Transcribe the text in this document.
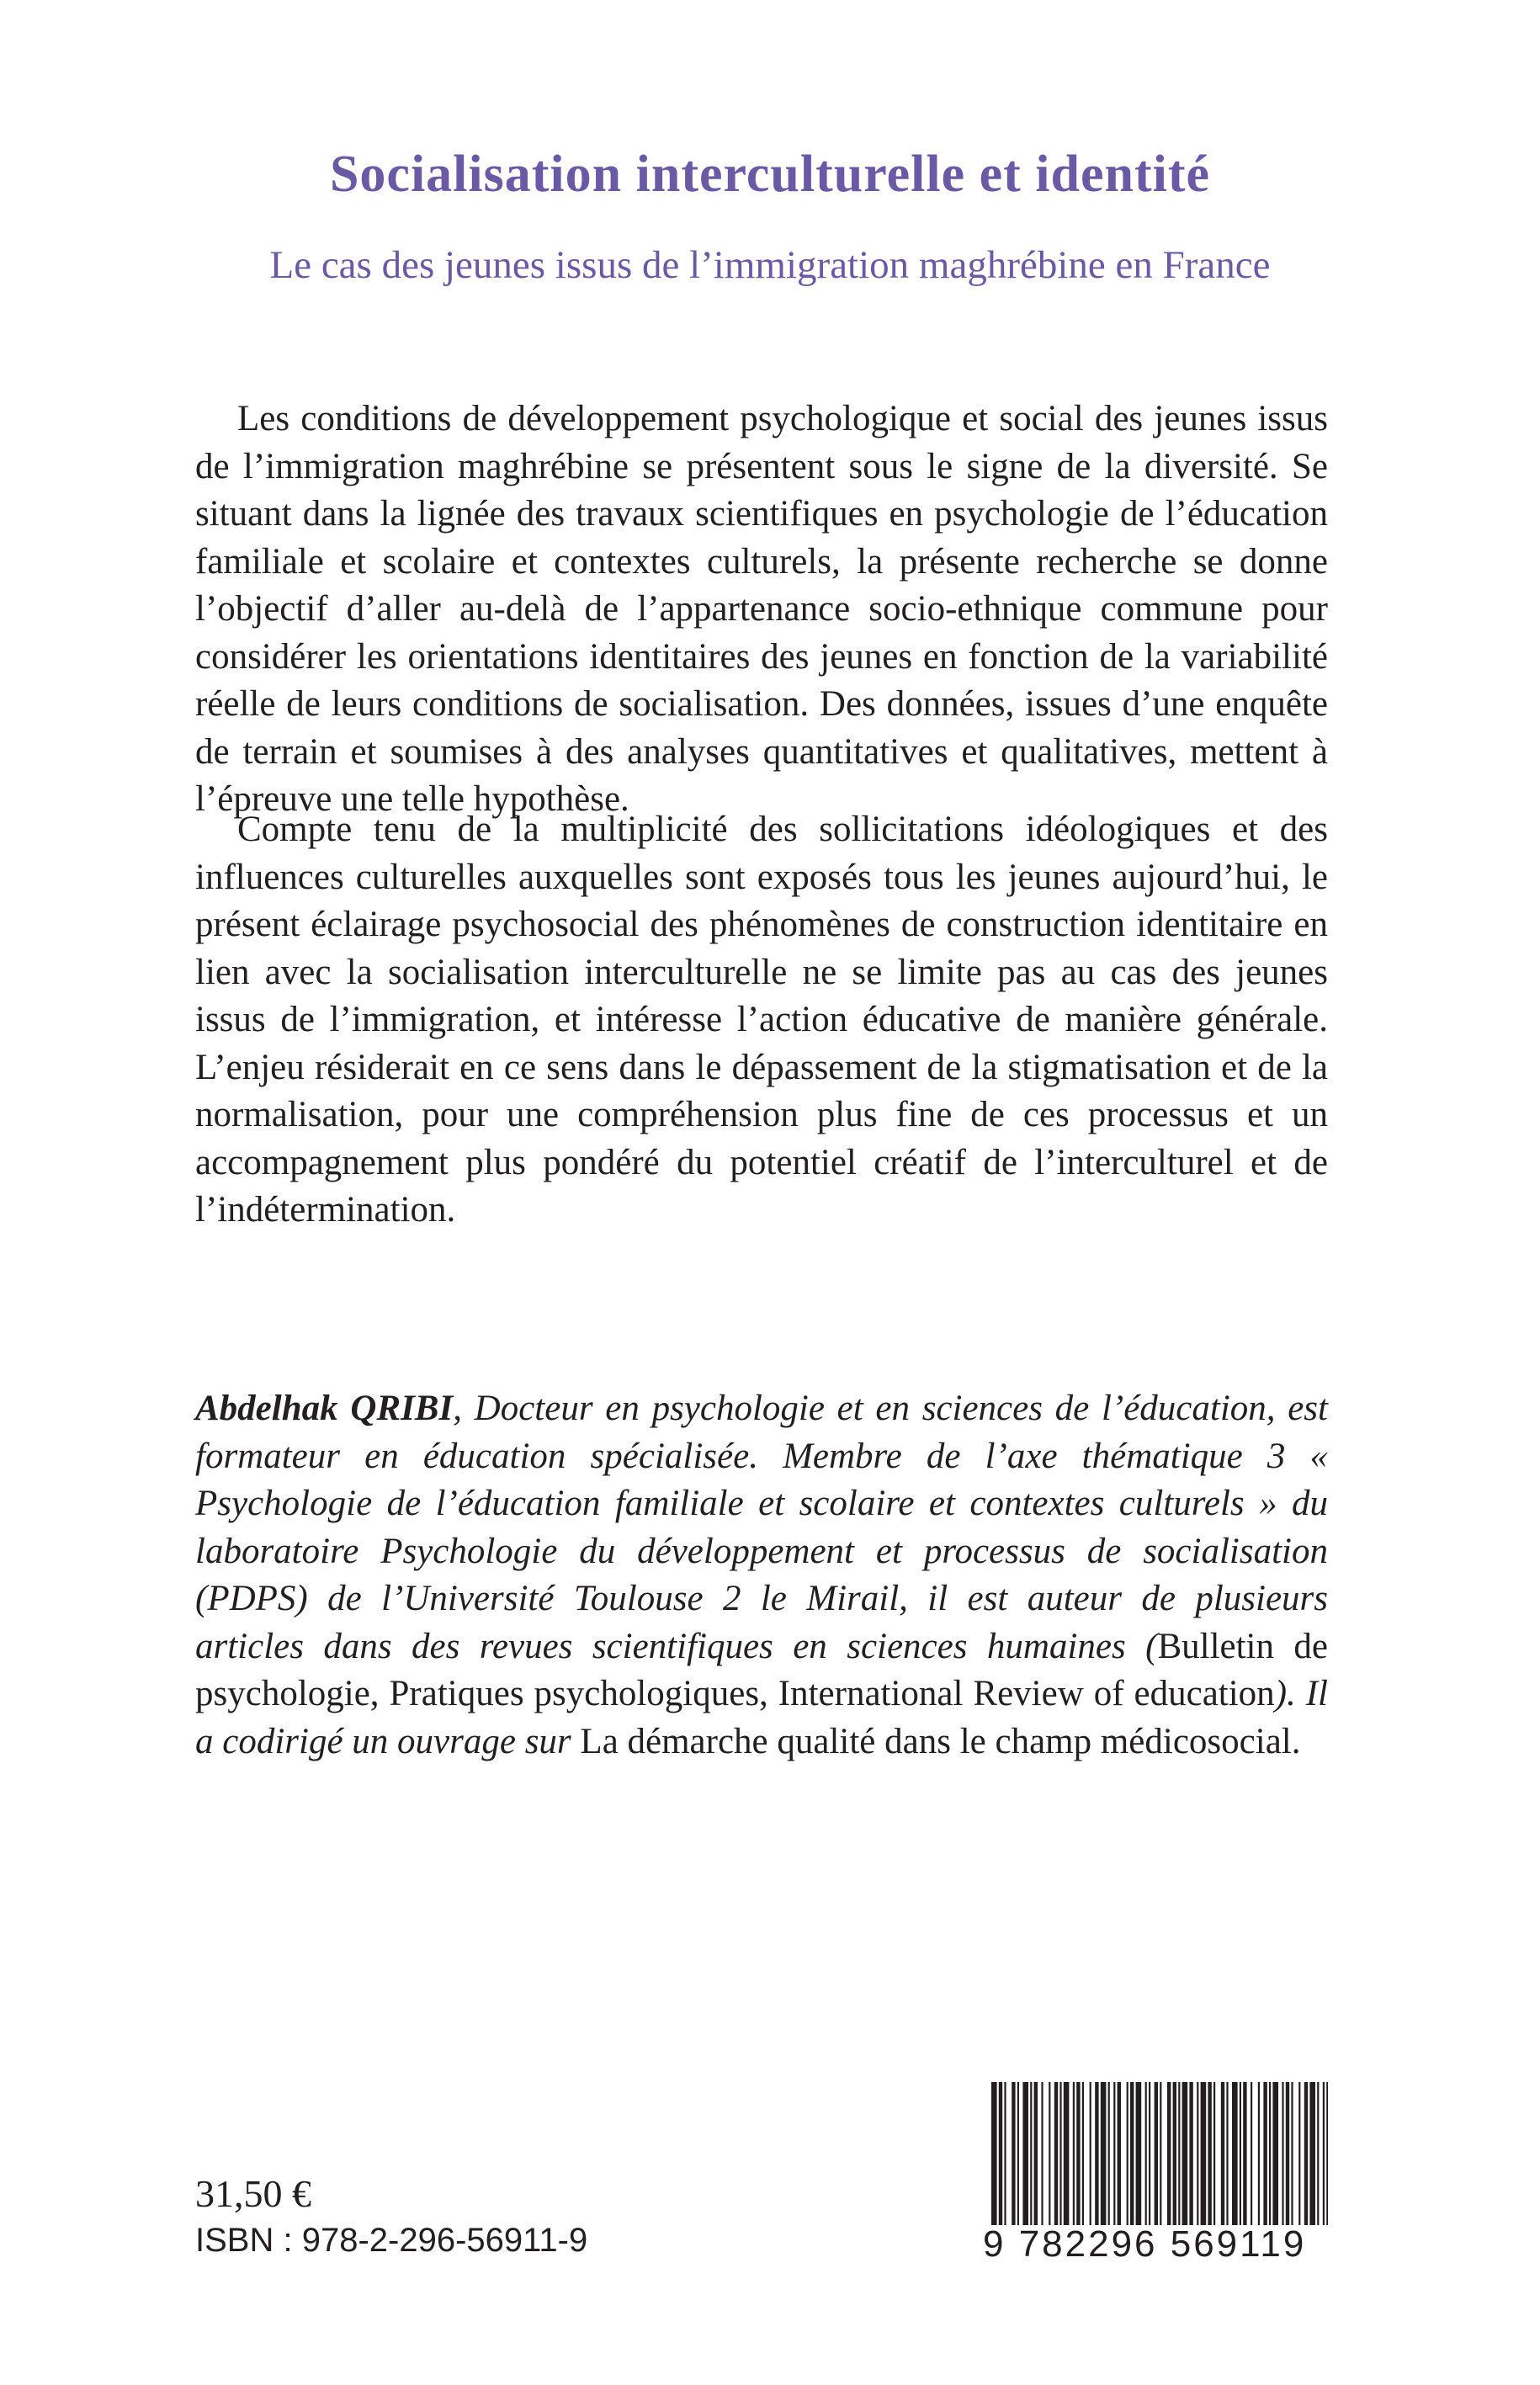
Socialisation interculturelle et identité
Le cas des jeunes issus de l’immigration maghrébine en France

Les conditions de développement psychologique et social des jeunes issus de l’immigration maghrébine se présentent sous le signe de la diversité. Se situant dans la lignée des travaux scientifiques en psychologie de l’éducation familiale et scolaire et contextes culturels, la présente recherche se donne l’objectif d’aller au-delà de l’appartenance socio-ethnique commune pour considérer les orientations identitaires des jeunes en fonction de la variabilité réelle de leurs conditions de socialisation. Des données, issues d’une enquête de terrain et soumises à des analyses quantitatives et qualitatives, mettent à l’épreuve une telle hypothèse.

Compte tenu de la multiplicité des sollicitations idéologiques et des influences culturelles auxquelles sont exposés tous les jeunes aujourd’hui, le présent éclairage psychosocial des phénomènes de construction identitaire en lien avec la socialisation interculturelle ne se limite pas au cas des jeunes issus de l’immigration, et intéresse l’action éducative de manière générale. L’enjeu résiderait en ce sens dans le dépassement de la stigmatisation et de la normalisation, pour une compréhension plus fine de ces processus et un accompagnement plus pondéré du potentiel créatif de l’interculturel et de l’indétermination.

Abdelhak QRIBI, Docteur en psychologie et en sciences de l’éducation, est formateur en éducation spécialisée. Membre de l’axe thématique 3 « Psychologie de l’éducation familiale et scolaire et contextes culturels » du laboratoire Psychologie du développement et processus de socialisation (PDPS) de l’Université Toulouse 2 le Mirail, il est auteur de plusieurs articles dans des revues scientifiques en sciences humaines (Bulletin de psychologie, Pratiques psychologiques, International Review of education). Il a codirigé un ouvrage sur La démarche qualité dans le champ médicosocial.

31,50 €
ISBN : 978-2-296-56911-9	9 782296 569119
